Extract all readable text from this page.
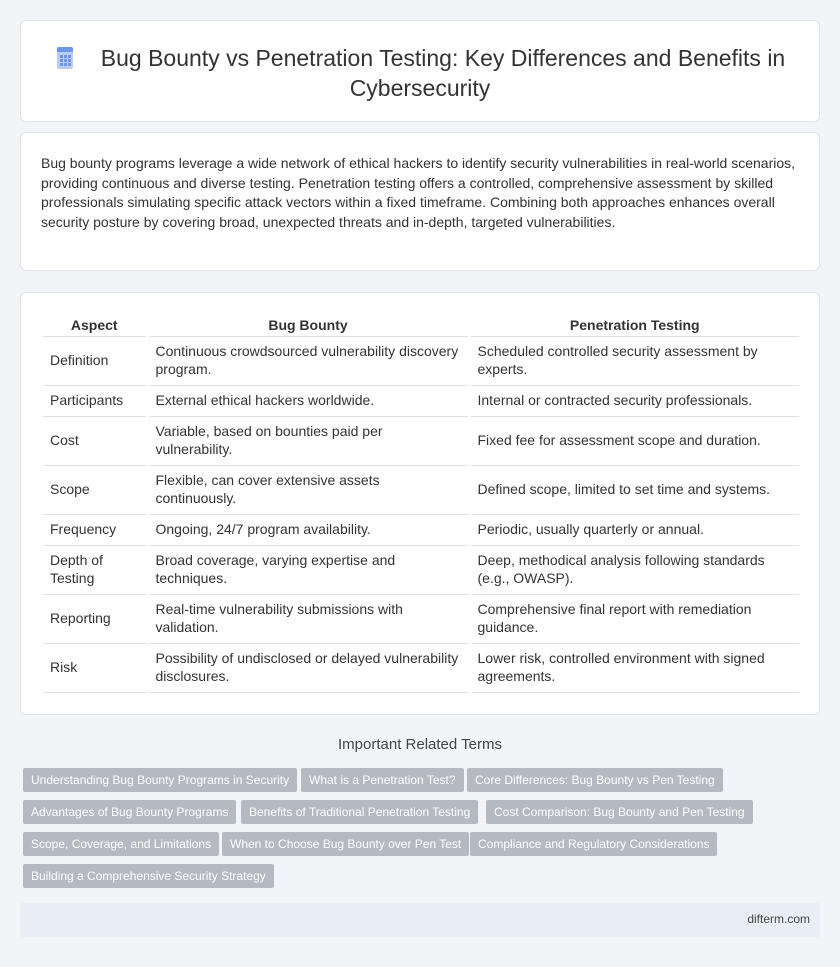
Bug Bounty vs Penetration Testing: Key Differences and Benefits in Cybersecurity

Bug bounty programs leverage a wide network of ethical hackers to identify security vulnerabilities in real-world scenarios, providing continuous and diverse testing. Penetration testing offers a controlled, comprehensive assessment by skilled professionals simulating specific attack vectors within a fixed timeframe. Combining both approaches enhances overall security posture by covering broad, unexpected threats and in-depth, targeted vulnerabilities.

Aspect	Bug Bounty	Penetration Testing
Definition	Continuous crowdsourced vulnerability discovery program.	Scheduled controlled security assessment by experts.
Participants	External ethical hackers worldwide.	Internal or contracted security professionals.
Cost	Variable, based on bounties paid per vulnerability.	Fixed fee for assessment scope and duration.
Scope	Flexible, can cover extensive assets continuously.	Defined scope, limited to set time and systems.
Frequency	Ongoing, 24/7 program availability.	Periodic, usually quarterly or annual.
Depth of Testing	Broad coverage, varying expertise and techniques.	Deep, methodical analysis following standards (e.g., OWASP).
Reporting	Real-time vulnerability submissions with validation.	Comprehensive final report with remediation guidance.
Risk	Possibility of undisclosed or delayed vulnerability disclosures.	Lower risk, controlled environment with signed agreements.
Important Related Terms
Understanding Bug Bounty Programs in Security	What is a Penetration Test?	Core Differences: Bug Bounty vs Pen Testing
Advantages of Bug Bounty Programs	Benefits of Traditional Penetration Testing	Cost Comparison: Bug Bounty and Pen Testing
Scope, Coverage, and Limitations	When to Choose Bug Bounty over Pen Test	Compliance and Regulatory Considerations
Building a Comprehensive Security Strategy
difterm.com
